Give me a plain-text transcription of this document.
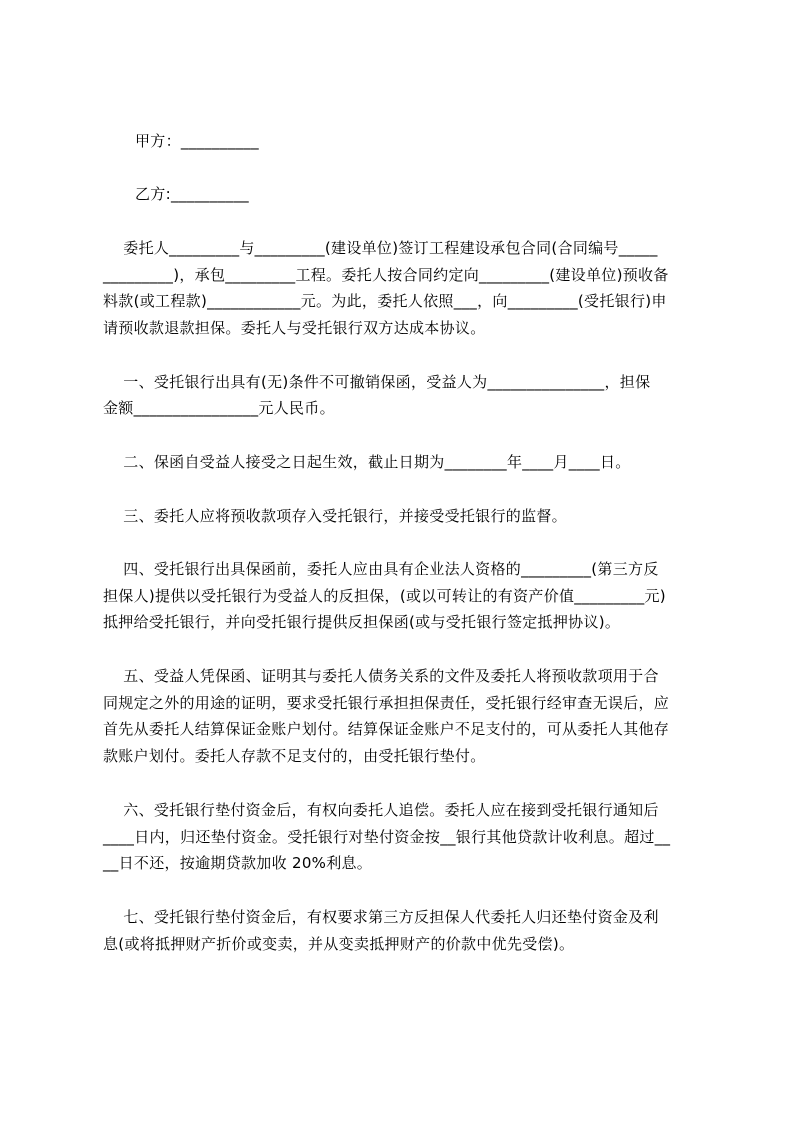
甲方：__________
乙方:__________
委托人_________与_________(建设单位)签订工程建设承包合同(合同编号_____
_________)，承包_________工程。委托人按合同约定向_________(建设单位)预收备
料款(或工程款)____________元。为此，委托人依照___，向_________(受托银行)申
请预收款退款担保。委托人与受托银行双方达成本协议。
一、受托银行出具有(无)条件不可撤销保函，受益人为_______________，担保
金额________________元人民币。
二、保函自受益人接受之日起生效，截止日期为________年____月____日。
三、委托人应将预收款项存入受托银行，并接受受托银行的监督。
四、受托银行出具保函前，委托人应由具有企业法人资格的_________(第三方反
担保人)提供以受托银行为受益人的反担保，(或以可转让的有资产价值_________元)
抵押给受托银行，并向受托银行提供反担保函(或与受托银行签定抵押协议)。
五、受益人凭保函、证明其与委托人债务关系的文件及委托人将预收款项用于合
同规定之外的用途的证明，要求受托银行承担担保责任，受托银行经审查无误后，应
首先从委托人结算保证金账户划付。结算保证金账户不足支付的，可从委托人其他存
款账户划付。委托人存款不足支付的，由受托银行垫付。
六、受托银行垫付资金后，有权向委托人追偿。委托人应在接到受托银行通知后
____日内，归还垫付资金。受托银行对垫付资金按__银行其他贷款计收利息。超过__
__日不还，按逾期贷款加收 20%利息。
七、受托银行垫付资金后，有权要求第三方反担保人代委托人归还垫付资金及利
息(或将抵押财产折价或变卖，并从变卖抵押财产的价款中优先受偿)。
